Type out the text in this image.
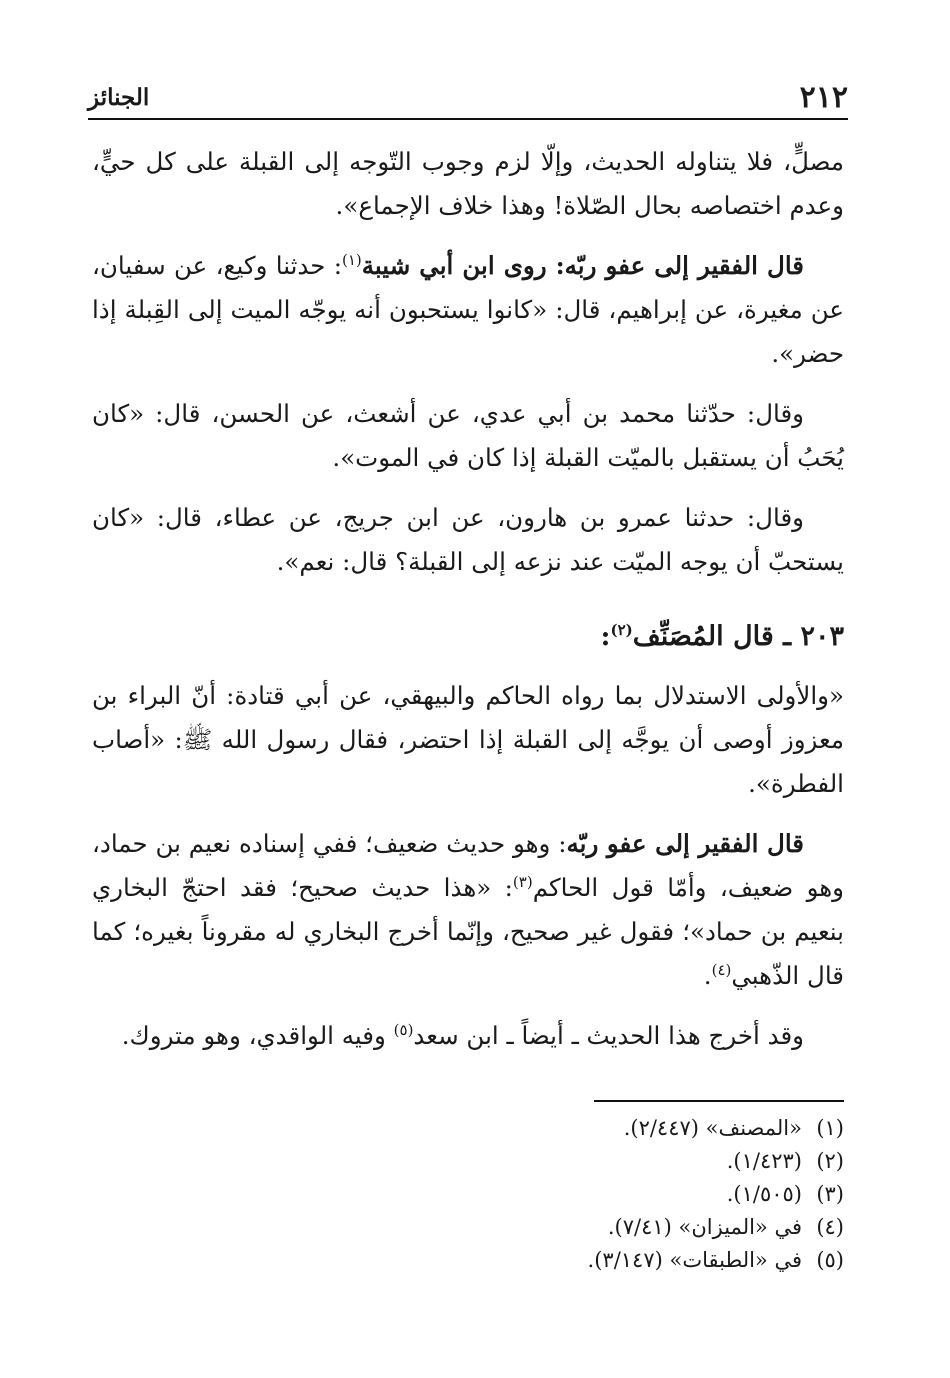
٢١٢
الجنائز

مصلٍّ، فلا يتناوله الحديث، وإلّا لزم وجوب التّوجه إلى القبلة على كل حيٍّ، وعدم اختصاصه بحال الصّلاة! وهذا خلاف الإجماع».

قال الفقير إلى عفو ربّه: روى ابن أبي شيبة$^{(١)}$: حدثنا وكيع، عن سفيان، عن مغيرة، عن إبراهيم، قال: «كانوا يستحبون أنه يوجّه الميت إلى القِبلة إذا حضر».

وقال: حدّثنا محمد بن أبي عدي، عن أشعث، عن الحسن، قال: «كان يُحَبُ أن يستقبل بالميّت القبلة إذا كان في الموت».

وقال: حدثنا عمرو بن هارون، عن ابن جريج، عن عطاء، قال: «كان يستحبّ أن يوجه الميّت عند نزعه إلى القبلة؟ قال: نعم».

٢٠٣ ـ قال المُصَنِّف$^{(٢)}$:

«والأولى الاستدلال بما رواه الحاكم والبيهقي، عن أبي قتادة: أنّ البراء بن معزوز أوصى أن يوجَّه إلى القبلة إذا احتضر، فقال رسول الله ﷺ: «أصاب الفطرة».

قال الفقير إلى عفو ربّه: وهو حديث ضعيف؛ ففي إسناده نعيم بن حماد، وهو ضعيف، وأمّا قول الحاكم$^{(٣)}$: «هذا حديث صحيح؛ فقد احتجّ البخاري بنعيم بن حماد»؛ فقول غير صحيح، وإنّما أخرج البخاري له مقروناً بغيره؛ كما قال الذّهبي$^{(٤)}$.

وقد أخرج هذا الحديث ـ أيضاً ـ ابن سعد$^{(٥)}$ وفيه الواقدي، وهو متروك.

(١)«المصنف» (٢/٤٤٧).
(٢)(١/٤٢٣).
(٣)(١/٥٠٥).
(٤)في «الميزان» (٧/٤١).
(٥)في «الطبقات» (٣/١٤٧).
